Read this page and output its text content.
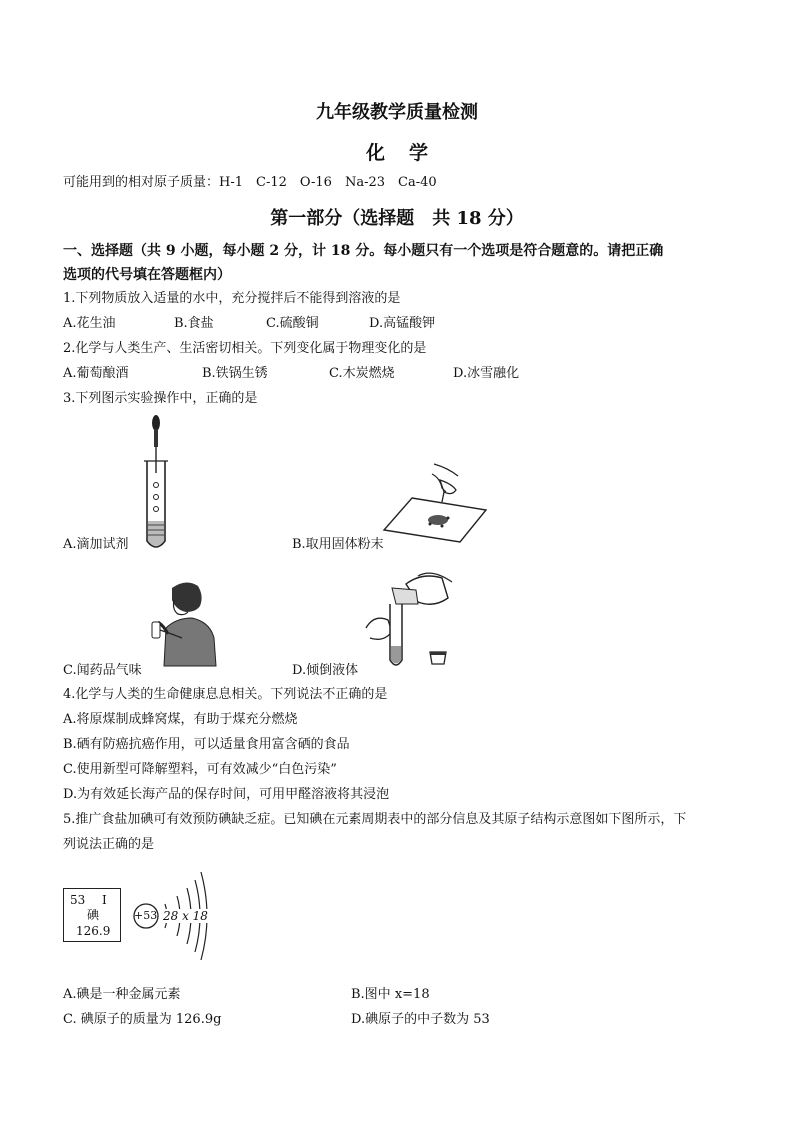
九年级教学质量检测
化学
可能用到的相对原子质量：H-1　C-12　O-16　Na-23　Ca-40
第一部分（选择题　共 18 分）
一、选择题（共 9 小题，每小题 2 分，计 18 分。每小题只有一个选项是符合题意的。请把正确
选项的代号填在答题框内）
1.下列物质放入适量的水中，充分搅拌后不能得到溶液的是
A.花生油	B.食盐	C.硫酸铜	D.高锰酸钾
2.化学与人类生产、生活密切相关。下列变化属于物理变化的是
A.葡萄酿酒	B.铁锅生锈	C.木炭燃烧	D.冰雪融化
3.下列图示实验操作中，正确的是
A.滴加试剂	B.取用固体粉末
C.闻药品气味	D.倾倒液体
4.化学与人类的生命健康息息相关。下列说法不正确的是
A.将原煤制成蜂窝煤，有助于煤充分燃烧
B.硒有防癌抗癌作用，可以适量食用富含硒的食品
C.使用新型可降解塑料，可有效减少“白色污染”
D.为有效延长海产品的保存时间，可用甲醛溶液将其浸泡
5.推广食盐加碘可有效预防碘缺乏症。已知碘在元素周期表中的部分信息及其原子结构示意图如下图所示，下
列说法正确的是
53 I
碘
126.9
+53 28 x 18
A.碘是一种金属元素	B.图中 x=18
C. 碘原子的质量为 126.9g	D.碘原子的中子数为 53
